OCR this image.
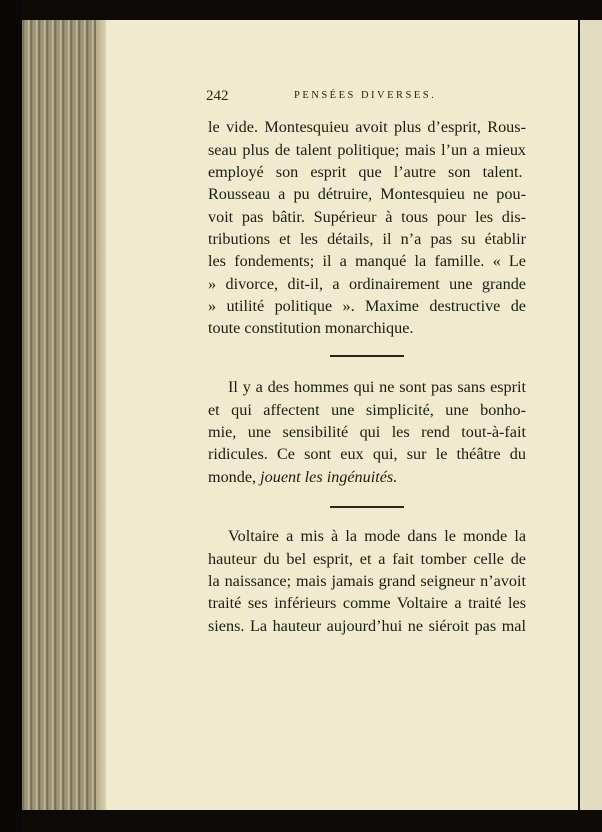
242	PENSÉES DIVERSES.
le vide. Montesquieu avoit plus d’esprit, Rous-
seau plus de talent politique; mais l’un a mieux
employé son esprit que l’autre son talent.
Rousseau a pu détruire, Montesquieu ne pou-
voit pas bâtir. Supérieur à tous pour les dis-
tributions et les détails, il n’a pas su établir
les fondements; il a manqué la famille. « Le
» divorce, dit-il, a ordinairement une grande
» utilité politique ». Maxime destructive de
toute constitution monarchique.
Il y a des hommes qui ne sont pas sans esprit
et qui affectent une simplicité, une bonho-
mie, une sensibilité qui les rend tout-à-fait
ridicules. Ce sont eux qui, sur le théâtre du
monde, jouent les ingénuités.
Voltaire a mis à la mode dans le monde la
hauteur du bel esprit, et a fait tomber celle de
la naissance; mais jamais grand seigneur n’avoit
traité ses inférieurs comme Voltaire a traité les
siens. La hauteur aujourd’hui ne siéroit pas mal
